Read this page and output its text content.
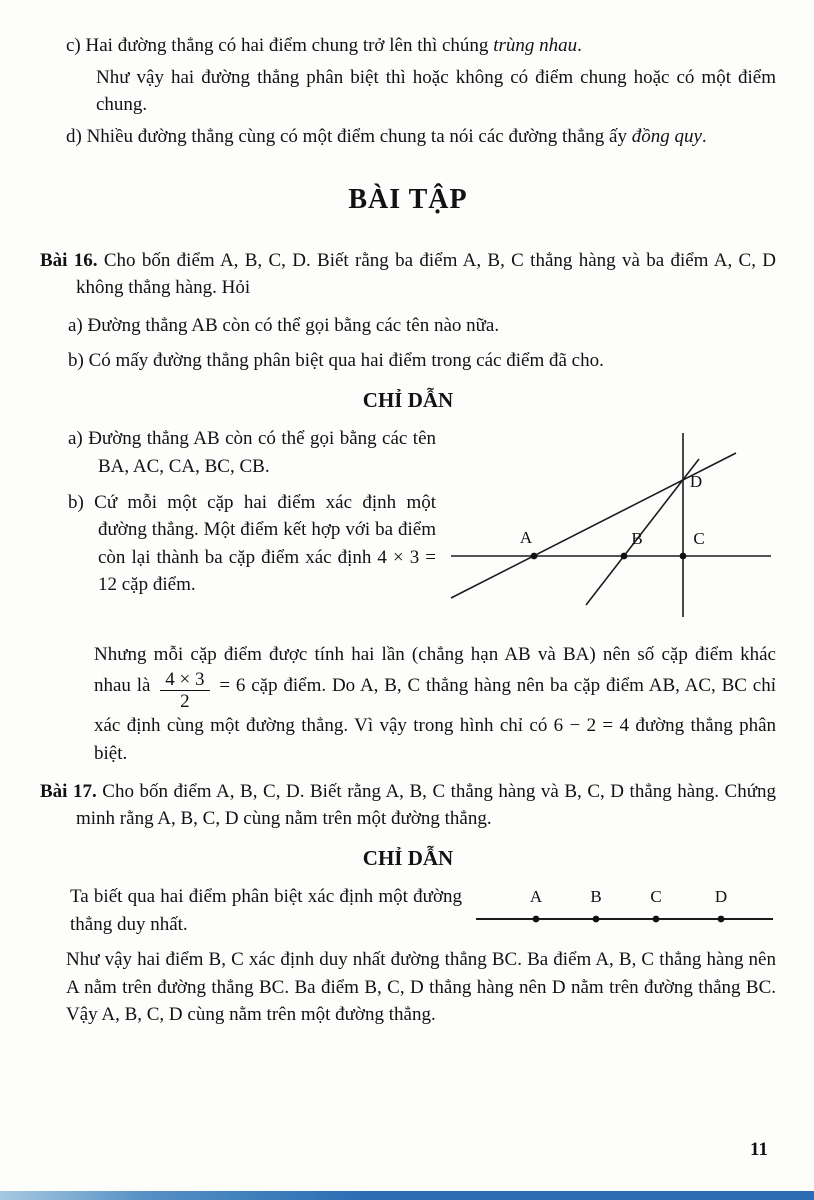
c) Hai đường thẳng có hai điểm chung trở lên thì chúng trùng nhau.

Như vậy hai đường thẳng phân biệt thì hoặc không có điểm chung hoặc có một điểm chung.

d) Nhiều đường thẳng cùng có một điểm chung ta nói các đường thẳng ấy đồng quy.

BÀI TẬP

Bài 16. Cho bốn điểm A, B, C, D. Biết rằng ba điểm A, B, C thẳng hàng và ba điểm A, C, D không thẳng hàng. Hỏi

a) Đường thẳng AB còn có thể gọi bằng các tên nào nữa.

b) Có mấy đường thẳng phân biệt qua hai điểm trong các điểm đã cho.

CHỈ DẪN
A	B	C
D

a) Đường thẳng AB còn có thể gọi bằng các tên BA, AC, CA, BC, CB.

b) Cứ mỗi một cặp hai điểm xác định một đường thẳng. Một điểm kết hợp với ba điểm còn lại thành ba cặp điểm xác định 4 × 3 = 12 cặp điểm.

Nhưng mỗi cặp điểm được tính hai lần (chẳng hạn AB và BA) nên số cặp điểm khác nhau là $\frac{4 \times 3}{2} = 6$ cặp điểm. Do A, B, C thẳng hàng nên ba cặp điểm AB, AC, BC chỉ xác định cùng một đường thẳng. Vì vậy trong hình chỉ có 6 − 2 = 4 đường thẳng phân biệt.

Bài 17. Cho bốn điểm A, B, C, D. Biết rằng A, B, C thẳng hàng và B, C, D thẳng hàng. Chứng minh rằng A, B, C, D cùng nằm trên một đường thẳng.

CHỈ DẪN
A	B	C	D

Ta biết qua hai điểm phân biệt xác định một đường thẳng duy nhất.

Như vậy hai điểm B, C xác định duy nhất đường thẳng BC. Ba điểm A, B, C thẳng hàng nên A nằm trên đường thẳng BC. Ba điểm B, C, D thẳng hàng nên D nằm trên đường thẳng BC. Vậy A, B, C, D cùng nằm trên một đường thẳng.

11
